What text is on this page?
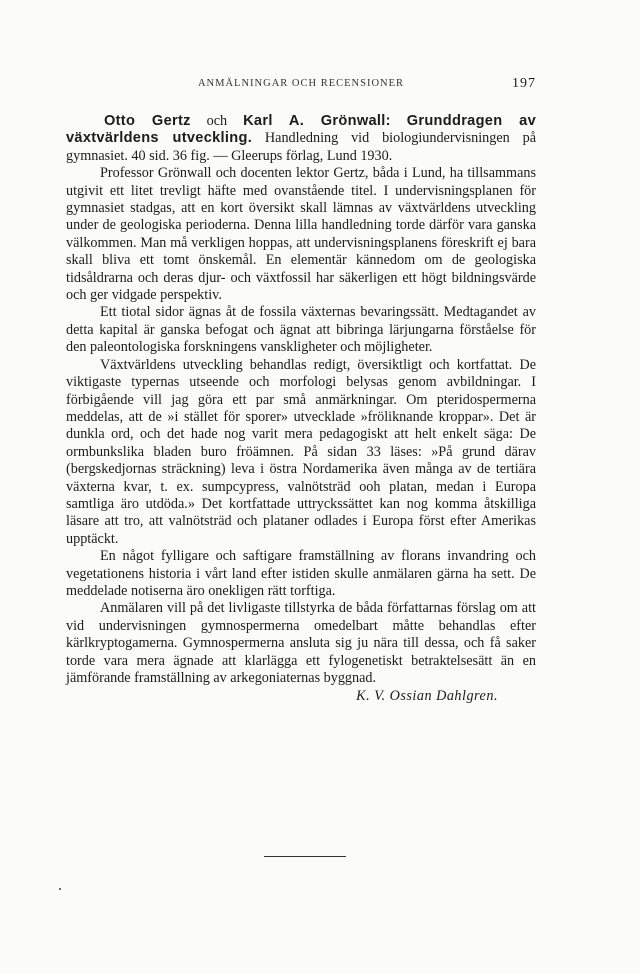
ANMÄLNINGAR OCH RECENSIONER	197

Otto Gertz och Karl A. Grönwall: Grunddragen av växtvärldens utveckling. Handledning vid biologiundervisningen på gymnasiet. 40 sid. 36 fig. — Gleerups förlag, Lund 1930.

Professor Grönwall och docenten lektor Gertz, båda i Lund, ha tillsammans utgivit ett litet trevligt häfte med ovanstående titel. I undervisningsplanen för gymnasiet stadgas, att en kort översikt skall lämnas av växtvärldens utveckling under de geologiska perioderna. Denna lilla handledning torde därför vara ganska välkommen. Man må verkligen hoppas, att undervisningsplanens föreskrift ej bara skall bliva ett tomt önskemål. En elementär kännedom om de geologiska tidsåldrarna och deras djur- och växtfossil har säkerligen ett högt bildningsvärde och ger vidgade perspektiv.

Ett tiotal sidor ägnas åt de fossila växternas bevaringssätt. Medtagandet av detta kapital är ganska befogat och ägnat att bibringa lärjungarna förståelse för den paleontologiska forskningens vanskligheter och möjligheter.

Växtvärldens utveckling behandlas redigt, översiktligt och kortfattat. De viktigaste typernas utseende och morfologi belysas genom avbildningar. I förbigående vill jag göra ett par små anmärkningar. Om pteridospermerna meddelas, att de »i stället för sporer» utvecklade »fröliknande kroppar». Det är dunkla ord, och det hade nog varit mera pedagogiskt att helt enkelt säga: De ormbunkslika bladen buro fröämnen. På sidan 33 läses: »På grund därav (bergskedjornas sträckning) leva i östra Nordamerika även många av de tertiära växterna kvar, t. ex. sumpcypress, valnötsträd ooh platan, medan i Europa samtliga äro utdöda.» Det kortfattade uttryckssättet kan nog komma åtskilliga läsare att tro, att valnötsträd och plataner odlades i Europa först efter Amerikas upptäckt.

En något fylligare och saftigare framställning av florans invandring och vegetationens historia i vårt land efter istiden skulle anmälaren gärna ha sett. De meddelade notiserna äro onekligen rätt torftiga.

Anmälaren vill på det livligaste tillstyrka de båda författarnas förslag om att vid undervisningen gymnospermerna omedelbart måtte behandlas efter kärlkryptogamerna. Gymnospermerna ansluta sig ju nära till dessa, och få saker torde vara mera ägnade att klarlägga ett fylogenetiskt betraktelsesätt än en jämförande framställning av arkegoniaternas byggnad.

K. V. Ossian Dahlgren.
